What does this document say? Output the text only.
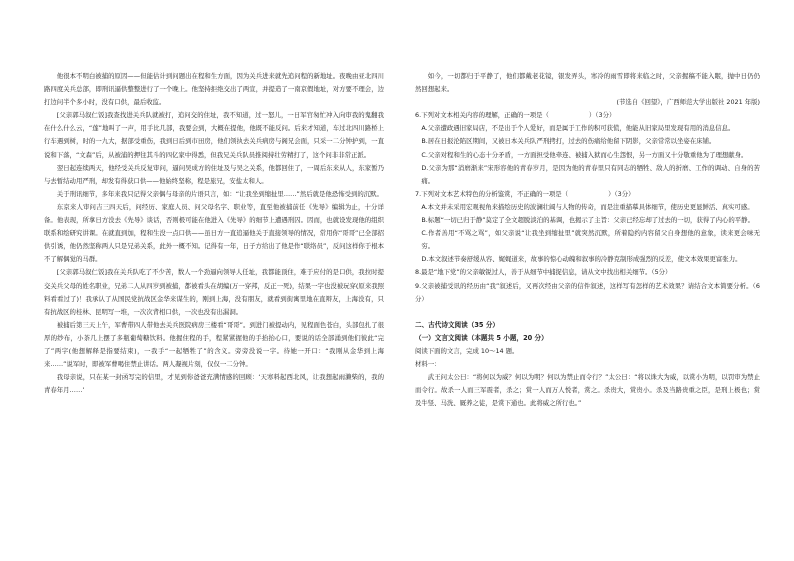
他很本不明白被捕的原因——但能估计到问题出在程和生方面，因为关兵进来就先追问程的新地址。夜晚由亚北四川路四度关兵总部，即刑讯逼供整整进行了一个晚上。他坚持拒绝交出了两宣，并提造了一南京假地址，对方要不理会，边打边问半个多小时，没有口供，最后收监。

[父亲郭马叙仁饭]我查找进关兵队就被打，追问交的住址，我不知道，过一怒儿，一日军官匆忙冲入向审我的鬼翻我在什么什么云，“莲”地叫了一声，用手比几部，我要会到，大概在提他，他既不能反问。后来才知道，车过北四川路桥上行车遇到树，时的一九大，据部受重伤，我到日后到市田房，他们领执去关兵病房与阁兄会面，只采一二分钟护到，一直说和下落，“文森”后，从被浦的押往其斗的四亿家中得悉，但我兄关兵队员推阅持壮劳精打了，这个问非非常正派。

翌日起连续两天，他经受关兵反复审问，逼问吴成方的住址及与吴之关系，他都回住了，一周后东来从人，东家暂乃与去暂结动用严刑，却发有得获口供——他始终坚称，程是旅兄，安盐太和人。

关于刑讯细节，多年来我只记得父亲偶与母亲的片语只言，如：“让我坐到缩扯里……”然后就是他恐怖受到的沉默。

东京来人审问吉三四天后，问经历、家庭人员、问父母名字、职业等，直至他被捕前任《先导》编辑为止，十分详备。他表现，所拿日方没去《先导》谈话，否则极可能在他进入《先导》的细节上遭遇刑囚。因而，也就设发现他的组织联系和绘研究讲课。在就直到加，程和生没一点口供——虽日方一直追逼他关于直接领导的情况，常用你“哥哥”已全部招供引诱，他仍然坚称两人只是兄弟关系，此外一概不知。记得有一年，日子方给出了他是作“联络员”，反问这样你于根本不了解偶觉的马群。

[父亲郭马叙仁饭]我在关兵队吃了不少苦，数人一个劲逼向领导人任址，我都能顶住，难于应付的是口供，我拉时提交关兵父母的姓名职业，兄弟二人从四岁到被捕，都被看头在胡编(万一穿邦，反正一死)，结果一字也没被玩穿(原来我照料看看过了)！我承认了从国民党抗战区金华来谋生的，刚到上海，没有朋友，就看到街寓里地在直辩友，上海没有，只有抗战区的桂林、昆明写一堆，一次次背相口供，一次也没有出漏洞。

被捕后第三天上午，军曹带四人带他去关兵医院病房三楼看“哥哥”。到进门被提动内，见程面色苍白，头部包扎了很厚的纱布，小茶几上摆了多瓶葡萄糖饮料。他握住程的手，程紧紧握他的手抬抬心口，要说的话全部涌到他们彼此“完了”两字(他想解释是指要结束)，一我手“一起牺牲了”的含义。旁旁没说一字。待她一开口：“我刚从金华到上海来……”说军时，即被军曹喝住禁止讲话。两人凝视片刻，仅仅一二分钟。

我母亲说，只在某一封函写完的信里，才见到你爸爸充满情感的回顾：‘天寒料起西北风，让我想起雨濑柴的，我的青春年月……’

如今，一切都归于平静了，他们都戴老花镜，银发弄头，寒冷的雨雪即将来临之时，父亲握稿不能入眠，抛中日仍仍然回想起来。

(节选自《回望》，广西师范大学出版社 2021 年版)

6.下列对文本相关内容的理解，正确的一项是（	）（3分）

A.父亲遭政遇旧家局店，不是出于个人爱好，而是属于工作的积可获慌，他能从旧家局里发现有用的消息信息。

B.居在日报沦陷区期间，又被日本关兵队严刑拷打，过去的伤痛给他留下阴影，父亲常常以坐姿在床铺。

C.父亲对程和生的心态十分矛盾，一方面担受他牵连、被捕入狱而心生怨恨，另一方面又十分敬重他为了理想献身。

D.父亲为那“消磨渐来”宋形容他的青春岁月，是因为他的青春里只有同志的牺牲、敌人的折磨、工作的调动、自身的苦痛。

7.下列对文本艺术特色的分析鉴赏，不正确的一项是（	）（3分）

A.本文并未采用宏观视角来描绘历史的波澜壮阔与人物的传奇，而是注重描摹具体细节，使历史更显鲜活、真实可感。

B.标题“一切已归于静”莫定了全文超脱淡泊的基调，也揭示了主旨：父亲已经忘却了过去的一切，获得了内心的平静。

C.作者善用“不骂之骂”，如父亲说“让我坐到缩扯里”就突然沉默，所着隐约内容留父自身想他的意象，读来更会味无穷。

D.本文叙述节奏舒缓从容、娓娓道来，故事的惊心动魄和叙事的冷静克制形成强烈的反差，使文本效果更富张力。

8.最是“地下党”的父亲敏锐过人，善于从细节中捕捉信息，请从文中找出相关细节。（5分）

9.父亲被捕受讯的经历由“我”叙述后，又再次经由父亲的信件叙述，这样写有怎样的艺术效果？请结合文本简要分析。（6分）

二、古代诗文阅读（35 分）
（一）文言文阅读（本题共 5 小题，20 分）

阅读下面的文言，完成 10～14 题。

材料一：

武王问太公曰：“将何以为威？何以为明？何以为禁止而令行？”太公曰：“将以诛大为威，以赏小为明，以罚审为禁止而令行。故杀一人而三军震者，杀之；赏一人而万人悦者，赏之。杀贵大，赏贵小。杀及当路贵重之臣，是刑上极也；赏及牛竖、马洗、厩养之徒，是赏下通也。此将威之所行也。”
